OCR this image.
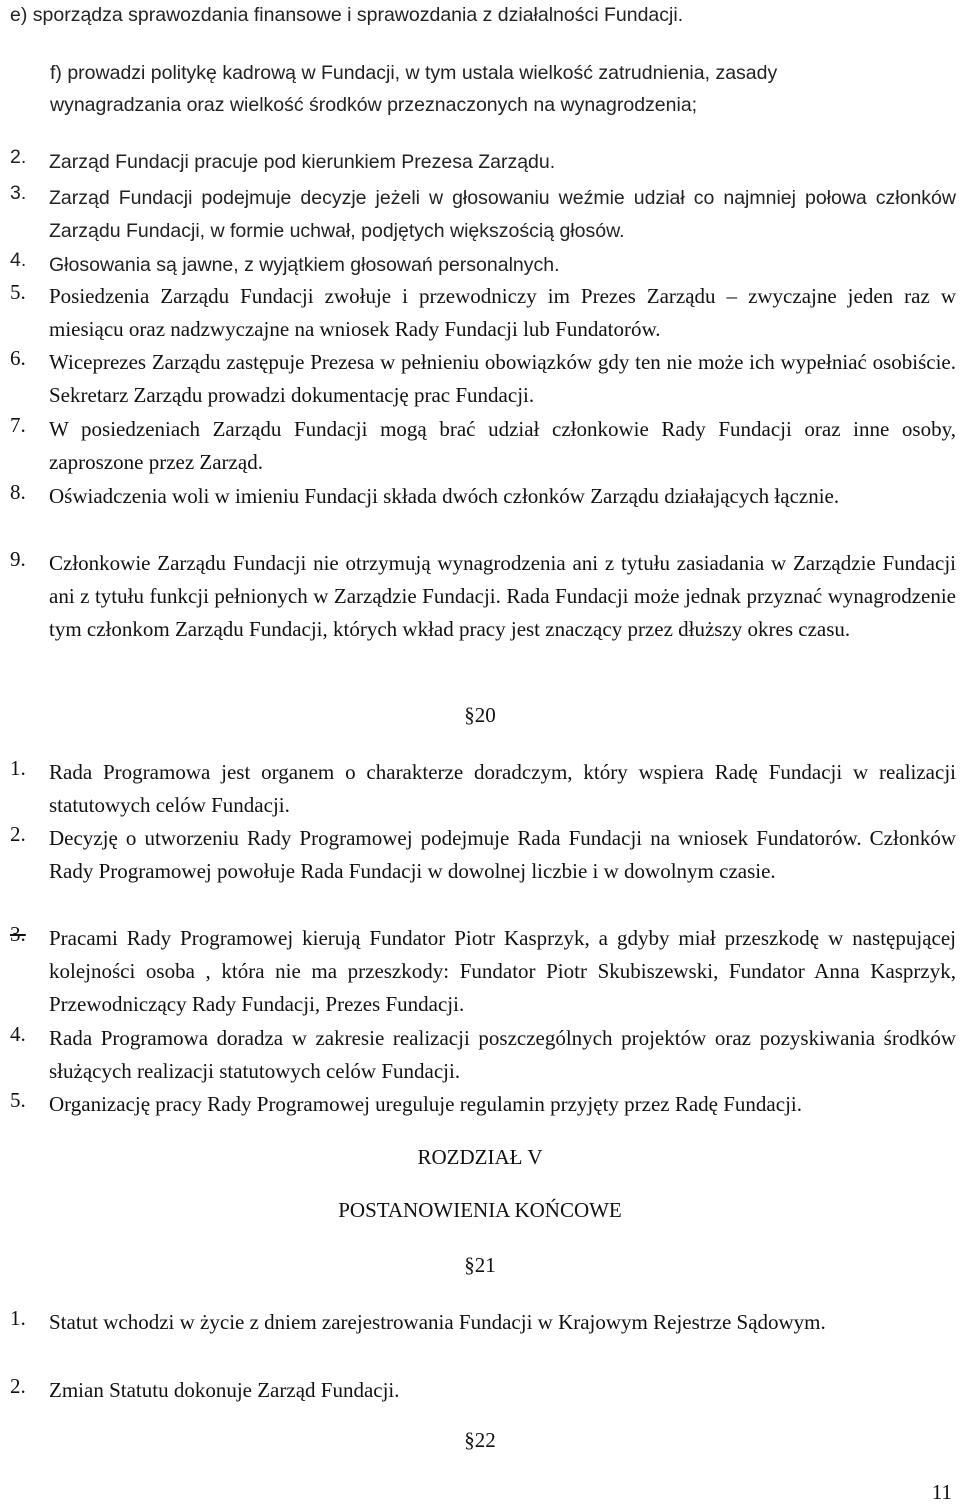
e) sporządza sprawozdania finansowe i sprawozdania z działalności Fundacji.
f) prowadzi politykę kadrową w Fundacji, w tym ustala wielkość zatrudnienia, zasady
wynagradzania oraz wielkość środków przeznaczonych na wynagrodzenia;
2. Zarząd Fundacji pracuje pod kierunkiem Prezesa Zarządu.
3. Zarząd Fundacji podejmuje decyzje jeżeli w głosowaniu weźmie udział co najmniej połowa członków Zarządu Fundacji, w formie uchwał, podjętych większością głosów.
4. Głosowania są jawne, z wyjątkiem głosowań personalnych.
5. Posiedzenia Zarządu Fundacji zwołuje i przewodniczy im Prezes Zarządu – zwyczajne jeden raz w miesiącu oraz nadzwyczajne na wniosek Rady Fundacji lub Fundatorów.
6. Wiceprezes Zarządu zastępuje Prezesa w pełnieniu obowiązków gdy ten nie może ich wypełniać osobiście. Sekretarz Zarządu prowadzi dokumentację prac Fundacji.
7. W posiedzeniach Zarządu Fundacji mogą brać udział członkowie Rady Fundacji oraz inne osoby, zaproszone przez Zarząd.
8. Oświadczenia woli w imieniu Fundacji składa dwóch członków Zarządu działających łącznie.
9. Członkowie Zarządu Fundacji nie otrzymują wynagrodzenia ani z tytułu zasiadania w Zarządzie Fundacji ani z tytułu funkcji pełnionych w Zarządzie Fundacji. Rada Fundacji może jednak przyznać wynagrodzenie tym członkom Zarządu Fundacji, których wkład pracy jest znaczący przez dłuższy okres czasu.
§20
1. Rada Programowa jest organem o charakterze doradczym, który wspiera Radę Fundacji w realizacji statutowych celów Fundacji.
2. Decyzję o utworzeniu Rady Programowej podejmuje Rada Fundacji na wniosek Fundatorów. Członków Rady Programowej powołuje Rada Fundacji w dowolnej liczbie i w dowolnym czasie.
3. Pracami Rady Programowej kierują Fundator Piotr Kasprzyk, a gdyby miał przeszkodę w następującej kolejności osoba , która nie ma przeszkody: Fundator Piotr Skubiszewski, Fundator Anna Kasprzyk, Przewodniczący Rady Fundacji, Prezes Fundacji.
4. Rada Programowa doradza w zakresie realizacji poszczególnych projektów oraz pozyskiwania środków służących realizacji statutowych celów Fundacji.
5. Organizację pracy Rady Programowej ureguluje regulamin przyjęty przez Radę Fundacji.
ROZDZIAŁ V
POSTANOWIENIA KOŃCOWE
§21
1. Statut wchodzi w życie z dniem zarejestrowania Fundacji w Krajowym Rejestrze Sądowym.
2. Zmian Statutu dokonuje Zarząd Fundacji.
§22
11
